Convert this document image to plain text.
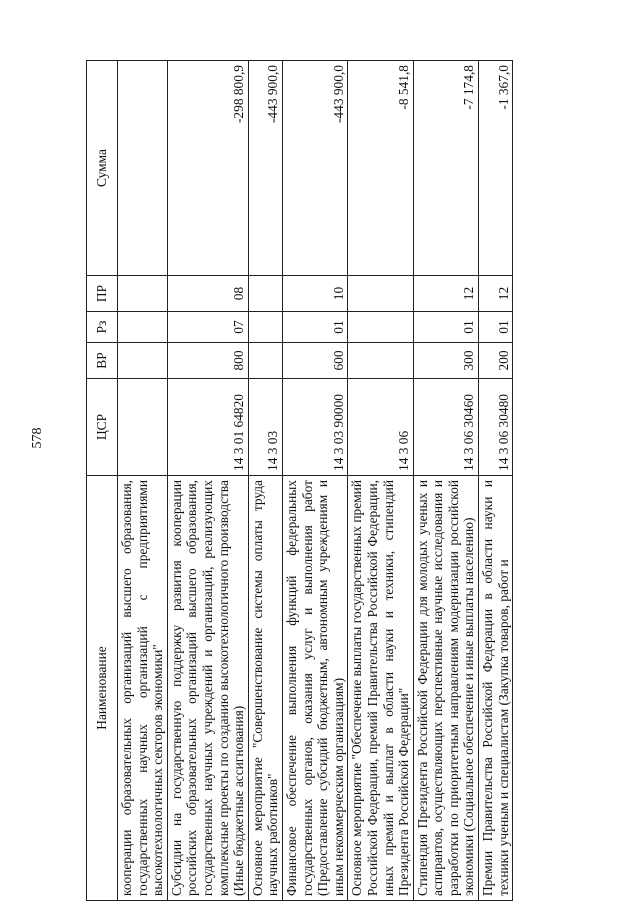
578
Наименование	ЦСР	ВР	Рз	ПР	Сумма
кооперации образовательных организаций высшего образования, государственных научных организаций с предприятиями высокотехнологичных секторов экономики"					
Субсидии на государственную поддержку развития кооперации российских образовательных организаций высшего образования, государственных научных учреждений и организаций, реализующих комплексные проекты по созданию высокотехнологичного производства (Иные бюджетные ассигнования)	14 3 01 64820	800	07	08	-298 800,9
Основное мероприятие "Совершенствование системы оплаты труда научных работников"	14 3 03				-443 900,0
Финансовое обеспечение выполнения функций федеральных государственных органов, оказания услуг и выполнения работ (Предоставление субсидий бюджетным, автономным учреждениям и иным некоммерческим организациям)	14 3 03 90000	600	01	10	-443 900,0
Основное мероприятие "Обеспечение выплаты государственных премий Российской Федерации, премий Правительства Российской Федерации, иных премий и выплат в области науки и техники, стипендий Президента Российской Федерации"	14 3 06				-8 541,8
Стипендия Президента Российской Федерации для молодых ученых и аспирантов, осуществляющих перспективные научные исследования и разработки по приоритетным направлениям модернизации российской экономики (Социальное обеспечение и иные выплаты населению)	14 3 06 30460	300	01	12	-7 174,8
Премии Правительства Российской Федерации в области науки и техники ученым и специалистам (Закупка товаров, работ и	14 3 06 30480	200	01	12	-1 367,0
